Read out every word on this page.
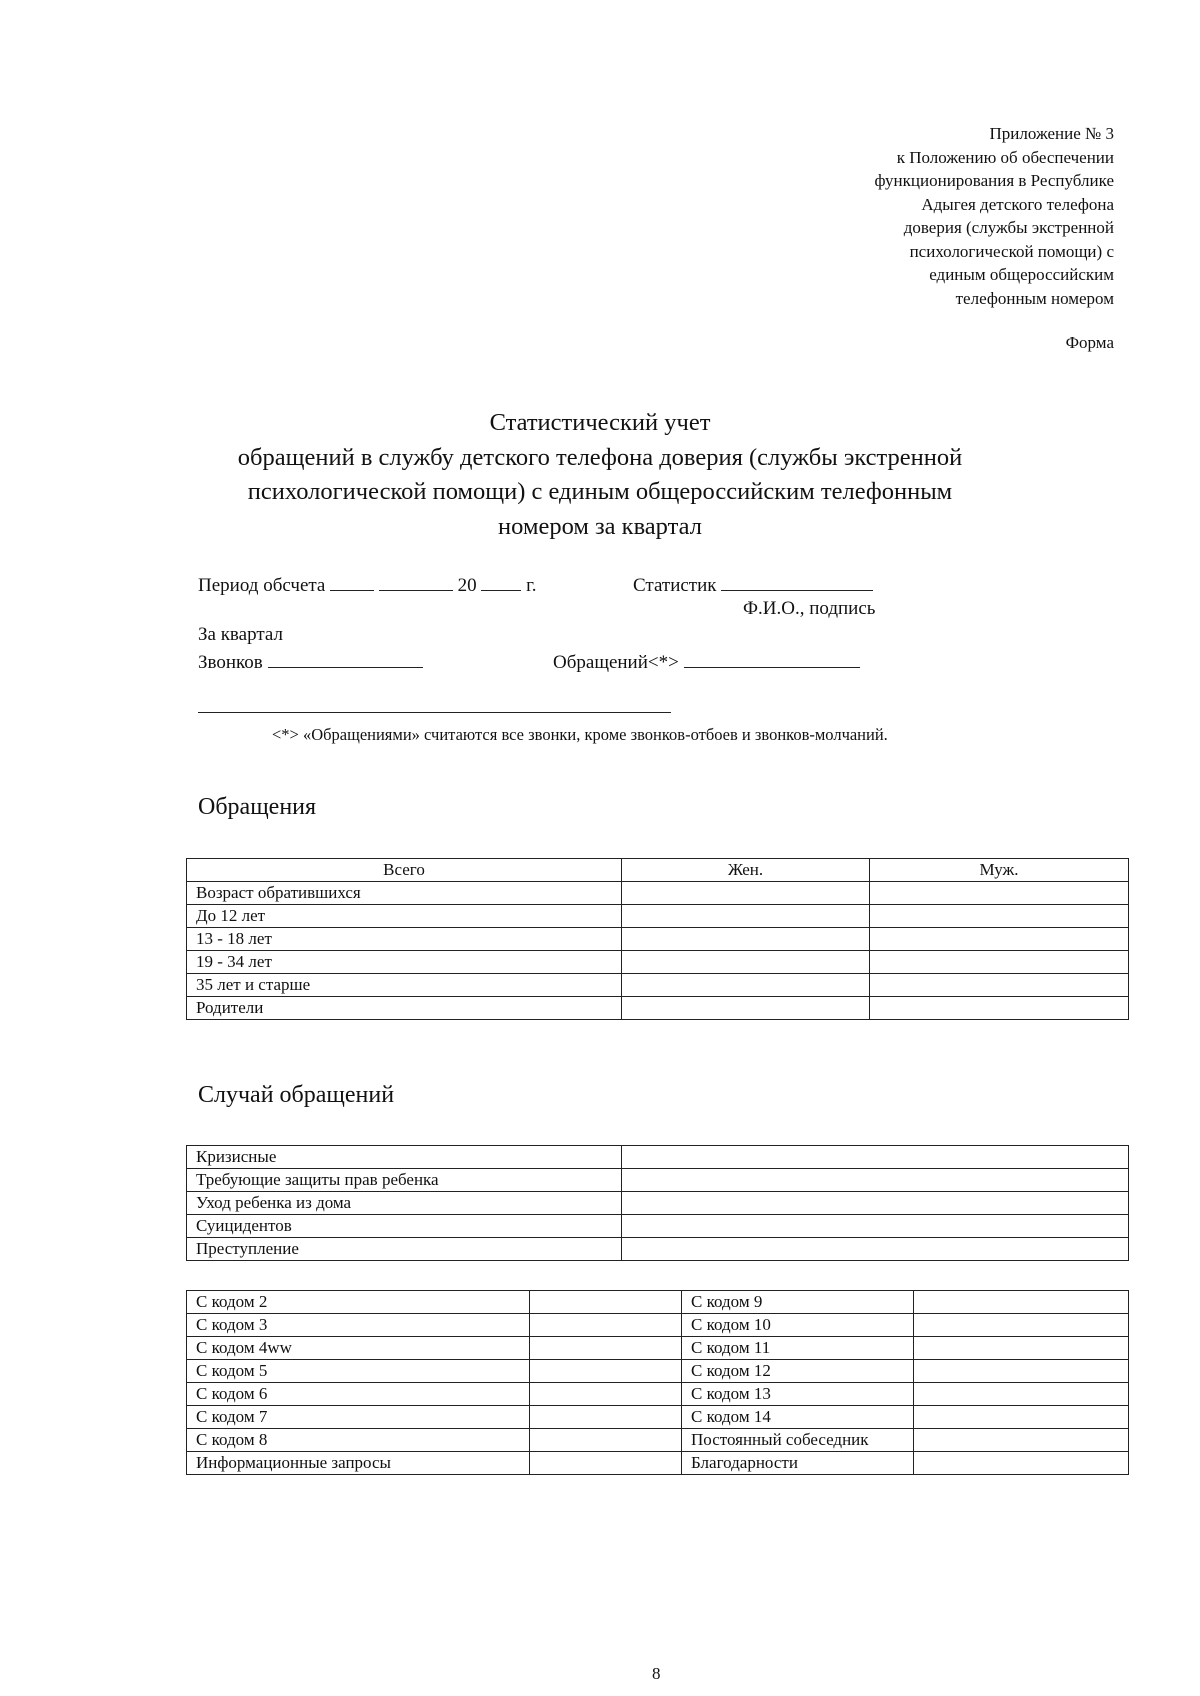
Приложение № 3
к Положению об обеспечении
функционирования в Республике
Адыгея детского телефона
доверия (службы экстренной
психологической помощи) с
единым общероссийским
телефонным номером
Форма
Статистический учет
обращений в службу детского телефона доверия (службы экстренной
психологической помощи) с единым общероссийским телефонным
номером за квартал
Период обсчета	20	г.	Статистик
Ф.И.О., подпись
За квартал
Звонков	Обращений<*>
<*> «Обращениями» считаются все звонки, кроме звонков-отбоев и звонков-молчаний.
Обращения
Всего	Жен.	Муж.
Возраст обратившихся		
До 12 лет		
13 - 18 лет		
19 - 34 лет		
35 лет и старше		
Родители		
Случай обращений
Кризисные	
Требующие защиты прав ребенка	
Уход ребенка из дома	
Суицидентов	
Преступление	
С кодом 2		С кодом 9	
С кодом 3		С кодом 10	
С кодом 4ww		С кодом 11	
С кодом 5		С кодом 12	
С кодом 6		С кодом 13	
С кодом 7		С кодом 14	
С кодом 8		Постоянный собеседник	
Информационные запросы		Благодарности	
8
